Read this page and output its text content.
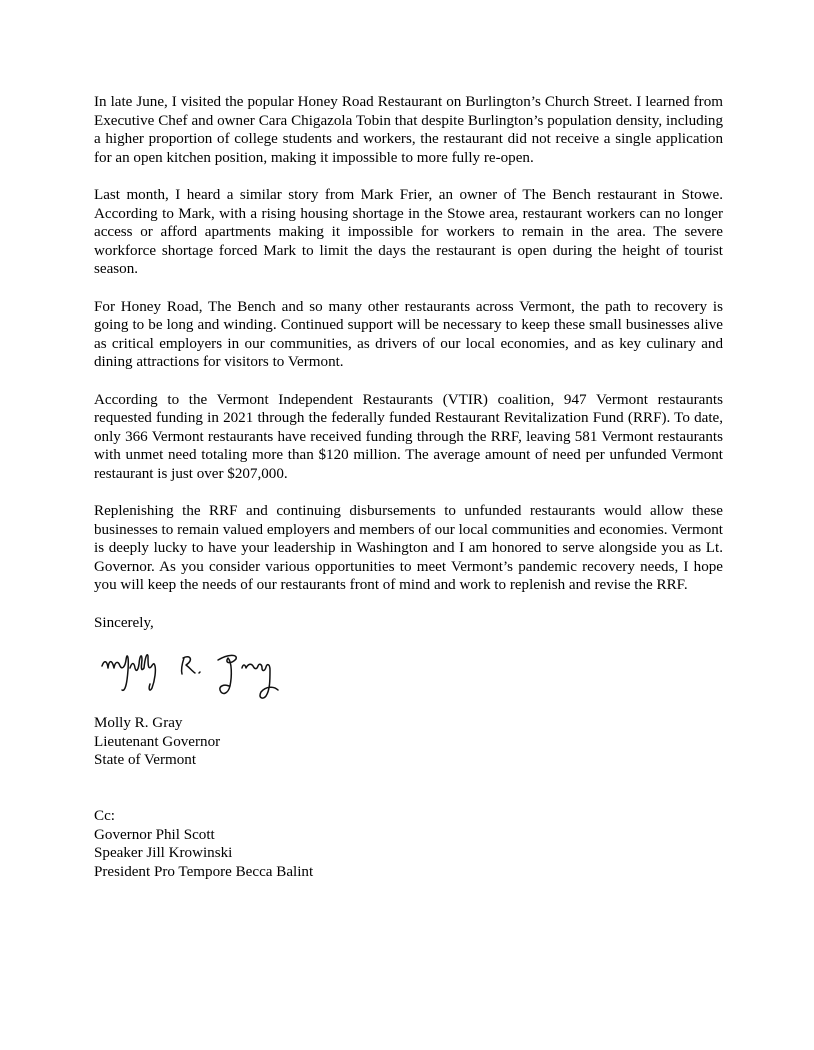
In late June, I visited the popular Honey Road Restaurant on Burlington’s Church Street. I learned from Executive Chef and owner Cara Chigazola Tobin that despite Burlington’s population density, including a higher proportion of college students and workers, the restaurant did not receive a single application for an open kitchen position, making it impossible to more fully re-open.

Last month, I heard a similar story from Mark Frier, an owner of The Bench restaurant in Stowe. According to Mark, with a rising housing shortage in the Stowe area, restaurant workers can no longer access or afford apartments making it impossible for workers to remain in the area. The severe workforce shortage forced Mark to limit the days the restaurant is open during the height of tourist season.

For Honey Road, The Bench and so many other restaurants across Vermont, the path to recovery is going to be long and winding. Continued support will be necessary to keep these small businesses alive as critical employers in our communities, as drivers of our local economies, and as key culinary and dining attractions for visitors to Vermont.

According to the Vermont Independent Restaurants (VTIR) coalition, 947 Vermont restaurants requested funding in 2021 through the federally funded Restaurant Revitalization Fund (RRF). To date, only 366 Vermont restaurants have received funding through the RRF, leaving 581 Vermont restaurants with unmet need totaling more than $120 million. The average amount of need per unfunded Vermont restaurant is just over $207,000.

Replenishing the RRF and continuing disbursements to unfunded restaurants would allow these businesses to remain valued employers and members of our local communities and economies. Vermont is deeply lucky to have your leadership in Washington and I am honored to serve alongside you as Lt. Governor. As you consider various opportunities to meet Vermont’s pandemic recovery needs, I hope you will keep the needs of our restaurants front of mind and work to replenish and revise the RRF.

Sincerely,

Molly R. Gray
Lieutenant Governor
State of Vermont
Cc:
Governor Phil Scott
Speaker Jill Krowinski
President Pro Tempore Becca Balint
